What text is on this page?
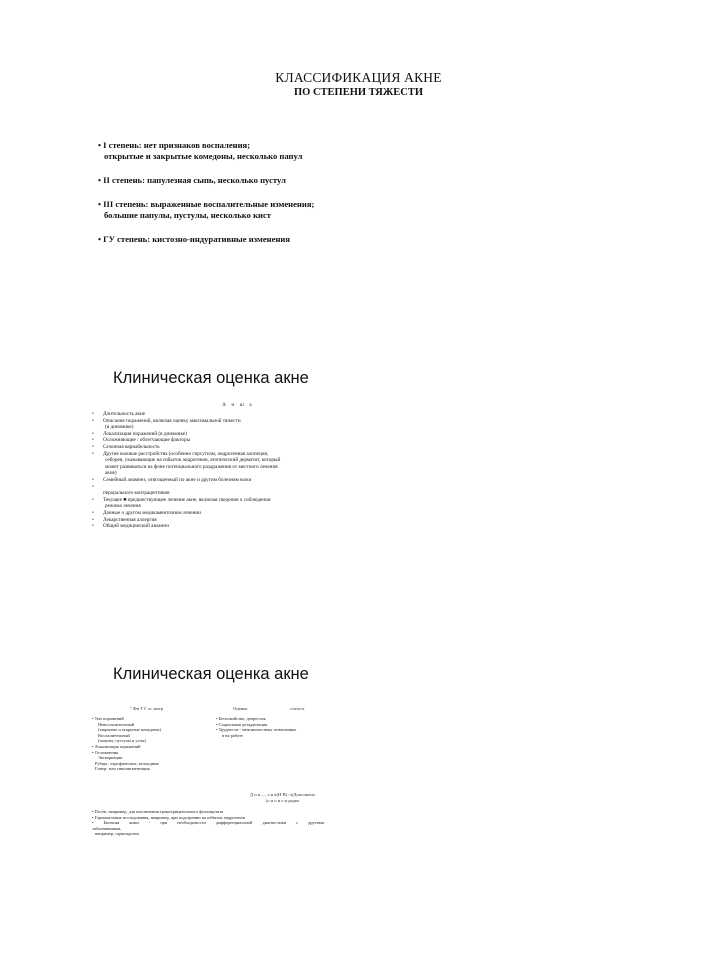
КЛАССИФИКАЦИЯ АКНЕ
ПО СТЕПЕНИ ТЯЖЕСТИ
• I степень: нет признаков воспаления;
открытые и закрытые комедоны, несколько папул
• II степень: папулезная сыпь, несколько пустул
• III степень: выраженные воспалительные изменения;
большие папулы, пустулы, несколько кист
• ГУ степень: кистозно-индуративные изменения
Клиническая оценка акне
А н ш а
• Длительность акне
• Описание поражений, включая оценку максимальной тяжести
(в динамике)
• Локализация поражений (в динамике)
• Осложняющие / облегчающие факторы
• Сезонная вариабельность
• Другие кожные расстройства (особенно гирсутизм, андрогенная алопеция,
себорея, указывающие на избыток андрогенов, атопический дерматит, который
может развиваться на фоне потенциального раздражения от местного лечения
акне)
• Семейный анамнез, отягощенный по акне и другим болезням кожи
•
перорального контрацептивов
• Текущее ■ предшествующее лечение акне, включая сведения о соблюдении
режима лечения
• Данные о другом медикаментозном лечении
• Лекарственная аллергия
• Общий медицинский анамнез
Клиническая оценка акне
° Фи Т Г ос мотр	Оценка	статуса
• Тип поражений
Невоспалительный
(закрытые и открытые комедоны)
Воспалительный
(папулы, пустулы и узлы)
• Локализация поражений
• Осложнения
Экскориации
Рубцы : атрофические, келоидные
Гипер- или гипопигментация
• Беспокойство, депрессия
• Социальная дезадаптация
• Трудности - межличностных отношениях
в на работе
Д и н — л н к(Н В) :л(Дополнено
(о н о н о н радко
• Посев, например, для исключения грамотрицательного фолликулита
• Гормональные исследования, например, при подозрении на избыток андрогенов
• Биопсия кожи - при необходимости дифференциальной диагностики с другими
заболеваниями,
например, саркоидозом
